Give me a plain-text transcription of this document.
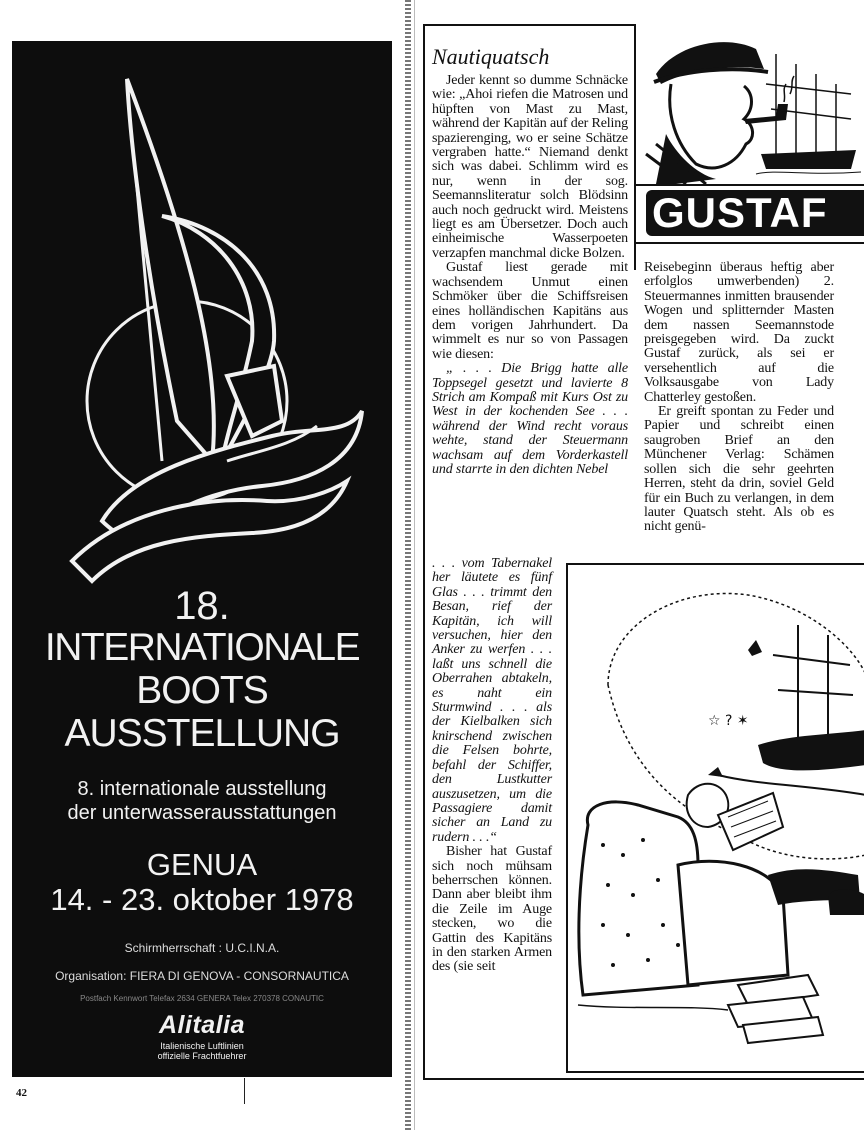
18.
INTERNATIONALE
BOOTS
AUSSTELLUNG
8. internationale ausstellung
der unterwasserausstattungen
GENUA
14. - 23. oktober 1978
Schirmherrschaft : U.C.I.N.A.
Organisation: FIERA DI GENOVA - CONSORNAUTICA
Postfach Kennwort Telefax 2634 GENERA Telex 270378 CONAUTIC
Alitalia
Italienische Luftlinien
offizielle Frachtfuehrer
42
Nautiquatsch

Jeder kennt so dumme Schnäcke wie: „Ahoi riefen die Matrosen und hüpften von Mast zu Mast, während der Kapitän auf der Reling spazierenging, wo er seine Schätze vergraben hatte.“ Niemand denkt sich was dabei. Schlimm wird es nur, wenn in der sog. Seemannsliteratur solch Blödsinn auch noch gedruckt wird. Meistens liegt es am Übersetzer. Doch auch einheimische Wasserpoeten verzapfen manchmal dicke Bolzen.

Gustaf liest gerade mit wachsendem Unmut einen Schmöker über die Schiffsreisen eines holländischen Kapitäns aus dem vorigen Jahrhundert. Da wimmelt es nur so von Passagen wie diesen:

„ . . . Die Brigg hatte alle Toppsegel gesetzt und lavierte 8 Strich am Kompaß mit Kurs Ost zu West in der kochenden See . . . während der Wind recht voraus wehte, stand der Steuermann wachsam auf dem Vorderkastell und starrte in den dichten Nebel

. . . vom Tabernakel her läutete es fünf Glas . . . trimmt den Besan, rief der Kapitän, ich will versuchen, hier den Anker zu werfen . . . laßt uns schnell die Oberrahen abtakeln, es naht ein Sturmwind . . . als der Kielbalken sich knirschend zwischen die Felsen bohrte, befahl der Schiffer, den Lustkutter auszusetzen, um die Passagiere damit sicher an Land zu rudern . . .“

Bisher hat Gustaf sich noch mühsam beherrschen können. Dann aber bleibt ihm die Zeile im Auge stecken, wo die Gattin des Kapitäns in den starken Armen des (sie seit

Reisebeginn überaus heftig aber erfolglos umwerbenden) 2. Steuermannes inmitten brausender Wogen und splitternder Masten dem nassen Seemannstode preisgegeben wird. Da zuckt Gustaf zurück, als sei er versehentlich auf die Volksausgabe von Lady Chatterley gestoßen.

Er greift spontan zu Feder und Papier und schreibt einen saugroben Brief an den Münchener Verlag: Schämen sollen sich die sehr geehrten Herren, steht da drin, soviel Geld für ein Buch zu verlangen, in dem lauter Quatsch steht. Als ob es nicht genü-

GUSTAF
☆ ? ✶
